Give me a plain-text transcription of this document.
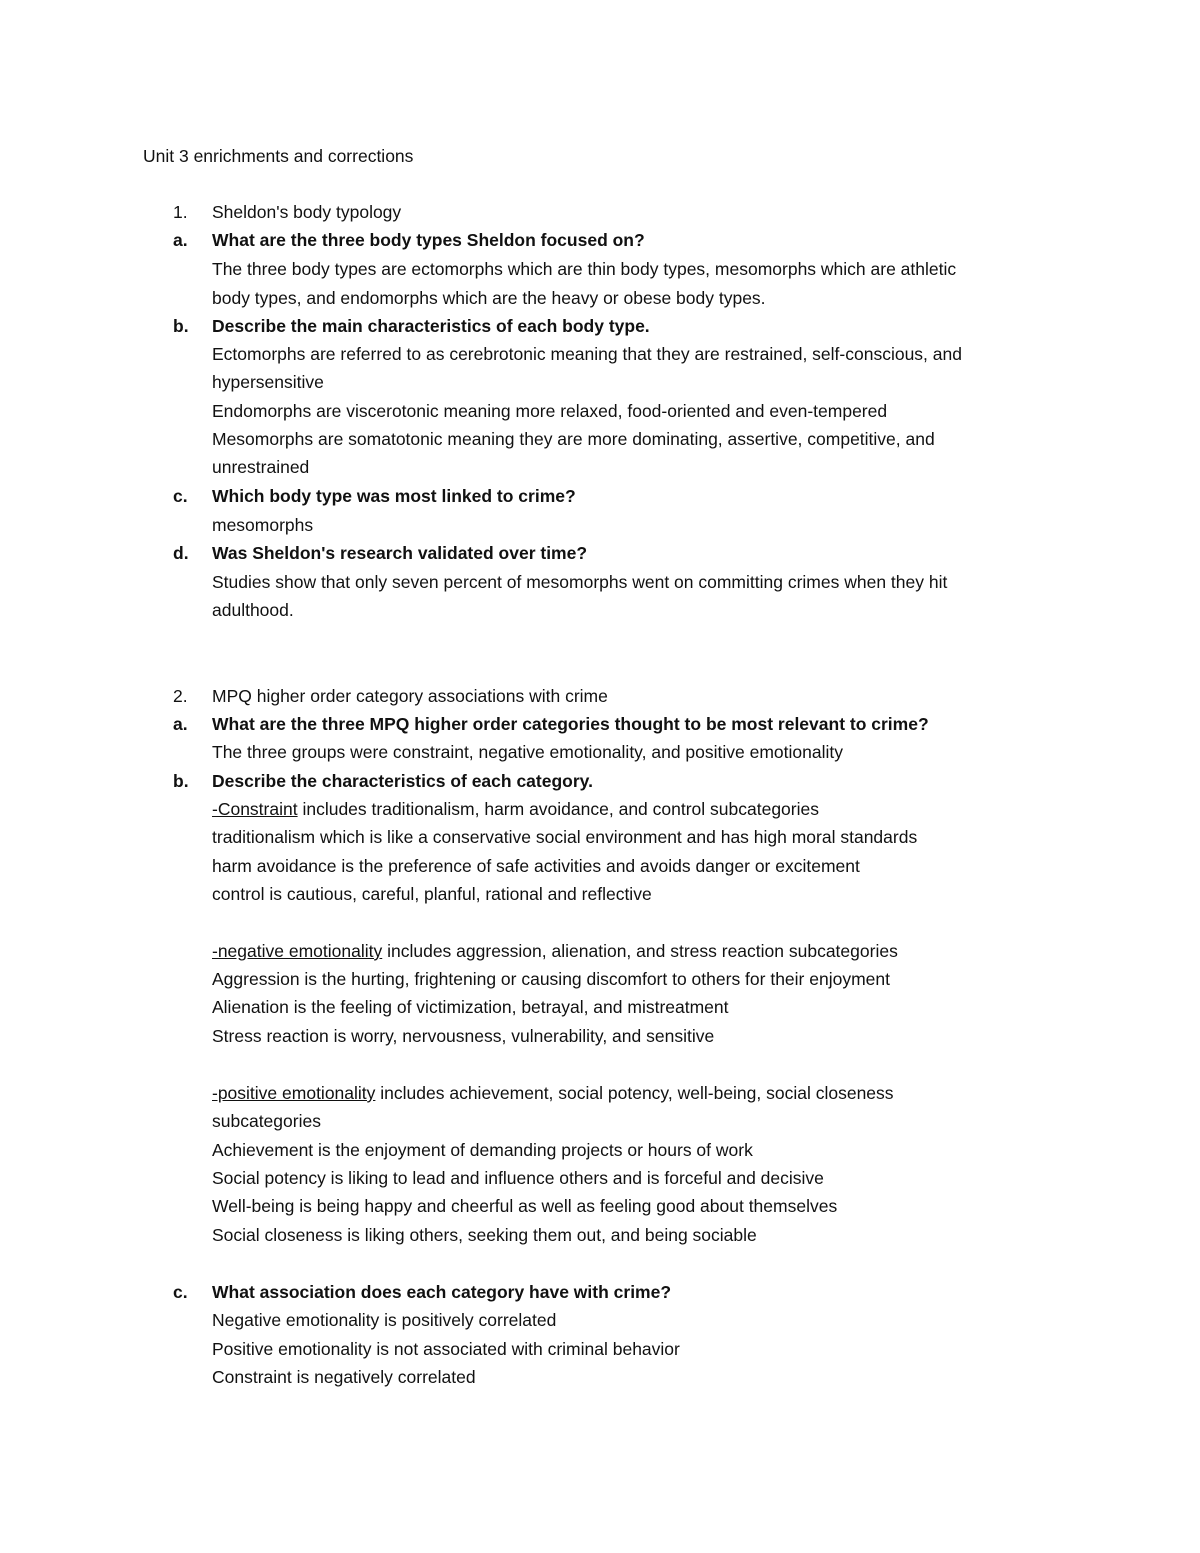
Unit 3 enrichments and corrections
1. Sheldon's body typology
a. What are the three body types Sheldon focused on?
The three body types are ectomorphs which are thin body types, mesomorphs which are athletic
body types, and endomorphs which are the heavy or obese body types.
b. Describe the main characteristics of each body type.
Ectomorphs are referred to as cerebrotonic meaning that they are restrained, self-conscious, and
hypersensitive
Endomorphs are viscerotonic meaning more relaxed, food-oriented and even-tempered
Mesomorphs are somatotonic meaning they are more dominating, assertive, competitive, and
unrestrained
c. Which body type was most linked to crime?
mesomorphs
d. Was Sheldon's research validated over time?
Studies show that only seven percent of mesomorphs went on committing crimes when they hit
adulthood.
2. MPQ higher order category associations with crime
a. What are the three MPQ higher order categories thought to be most relevant to crime?
The three groups were constraint, negative emotionality, and positive emotionality
b. Describe the characteristics of each category.
-Constraint includes traditionalism, harm avoidance, and control subcategories
traditionalism which is like a conservative social environment and has high moral standards
harm avoidance is the preference of safe activities and avoids danger or excitement
control is cautious, careful, planful, rational and reflective
-negative emotionality includes aggression, alienation, and stress reaction subcategories
Aggression is the hurting, frightening or causing discomfort to others for their enjoyment
Alienation is the feeling of victimization, betrayal, and mistreatment
Stress reaction is worry, nervousness, vulnerability, and sensitive
-positive emotionality includes achievement, social potency, well-being, social closeness
subcategories
Achievement is the enjoyment of demanding projects or hours of work
Social potency is liking to lead and influence others and is forceful and decisive
Well-being is being happy and cheerful as well as feeling good about themselves
Social closeness is liking others, seeking them out, and being sociable
c. What association does each category have with crime?
Negative emotionality is positively correlated
Positive emotionality is not associated with criminal behavior
Constraint is negatively correlated
